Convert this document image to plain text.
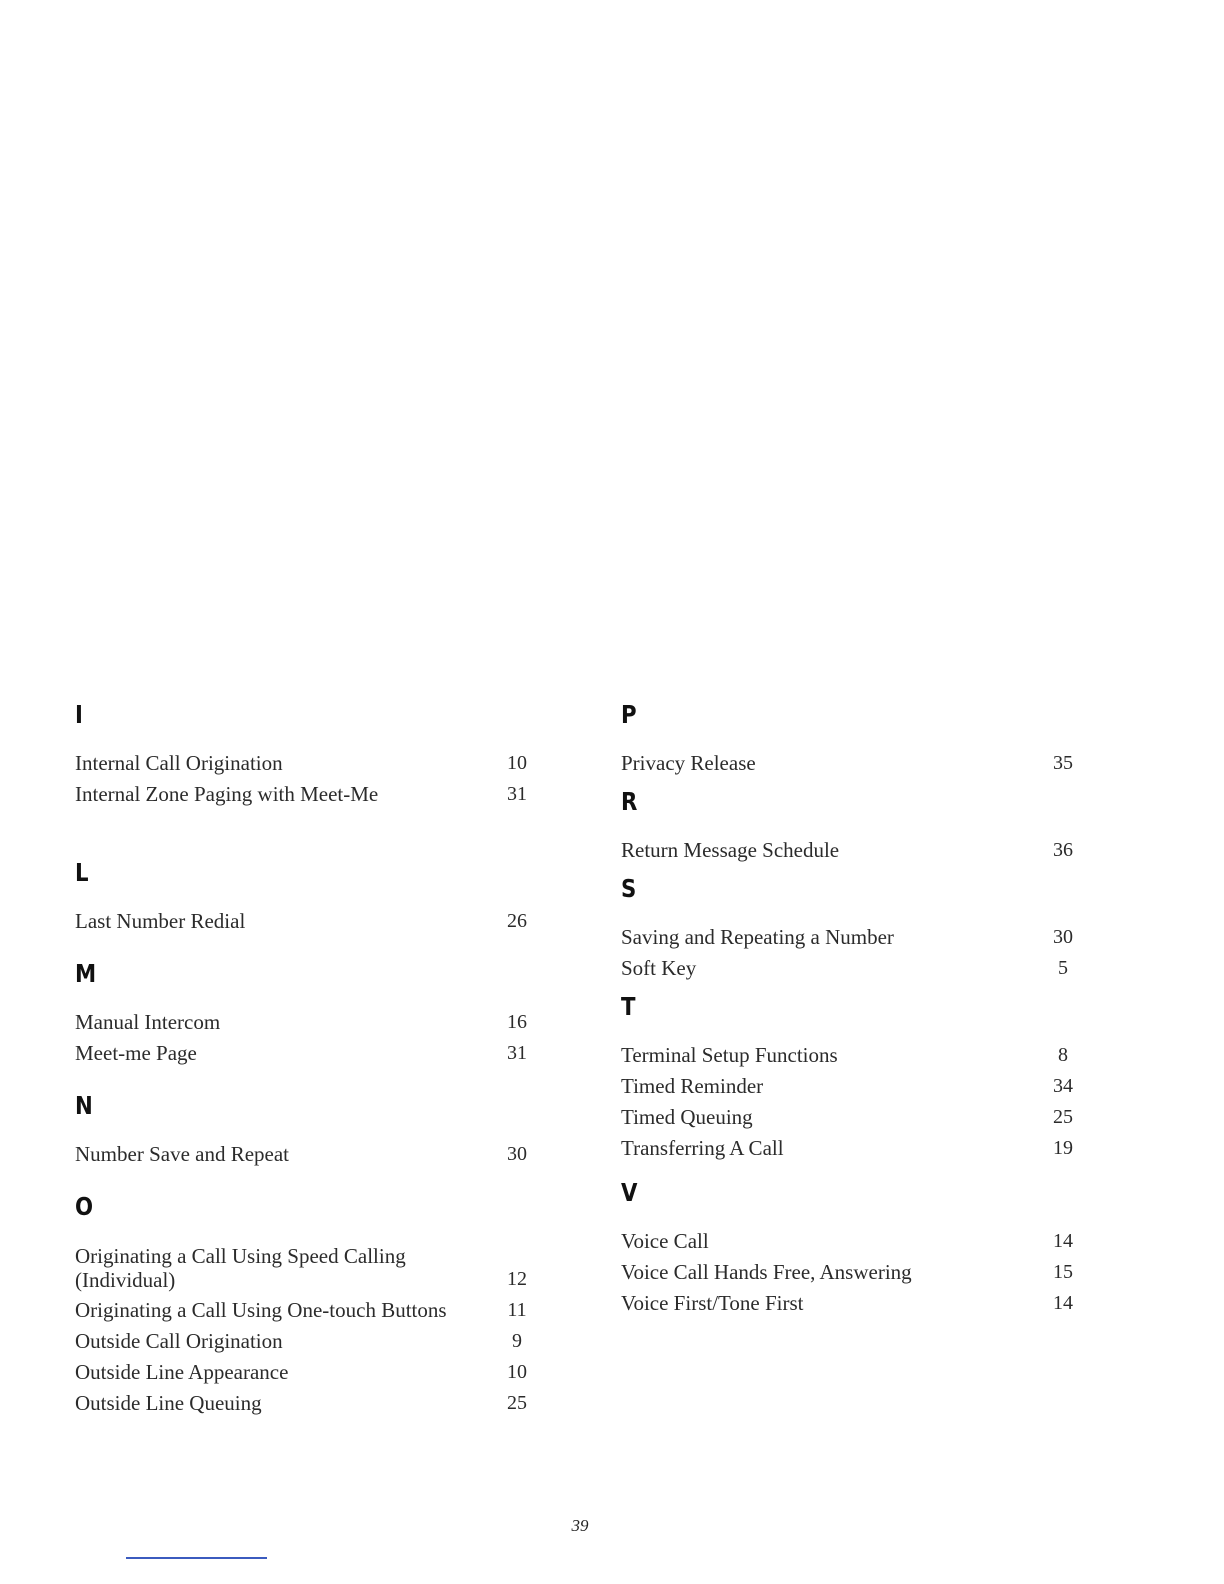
I
Internal Call Origination	10
Internal Zone Paging with Meet-Me	31
L
Last Number Redial	26
M
Manual Intercom	16
Meet-me Page	31
N
Number Save and Repeat	30
O
Originating a Call Using Speed Calling (Individual)	12
Originating a Call Using One-touch Buttons	11
Outside Call Origination	9
Outside Line Appearance	10
Outside Line Queuing	25
P
Privacy Release	35
R
Return Message Schedule	36
S
Saving and Repeating a Number	30
Soft Key	5
T
Terminal Setup Functions	8
Timed Reminder	34
Timed Queuing	25
Transferring A Call	19
V
Voice Call	14
Voice Call Hands Free, Answering	15
Voice First/Tone First	14
39
